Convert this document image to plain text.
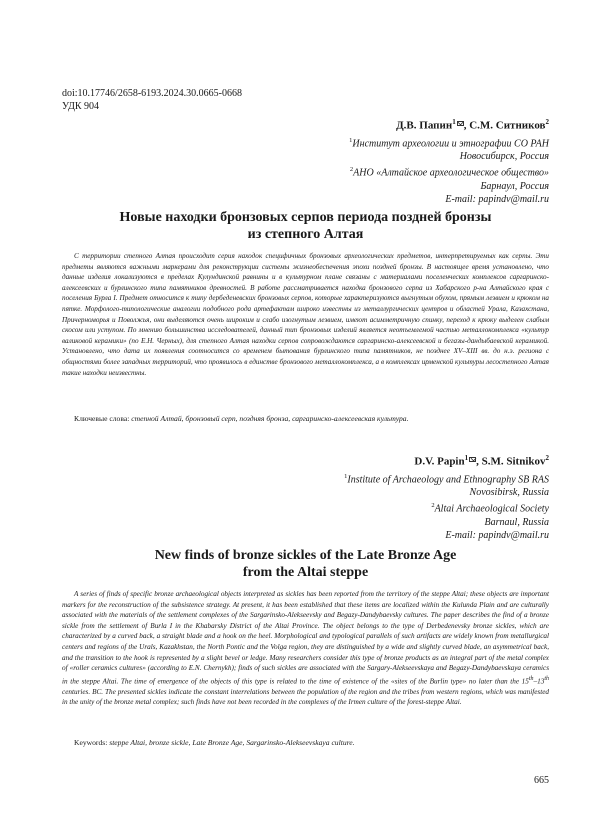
doi:10.17746/2658-6193.2024.30.0665-0668
УДК 904
Д.В. Папин$^1$ , С.М. Ситников$^2$
$^1$Институт археологии и этнографии СО РАН
Новосибирск, Россия
$^2$АНО «Алтайское археологическое общество»
Барнаул, Россия
E-mail: papindv@mail.ru
Новые находки бронзовых серпов периода поздней бронзы
из степного Алтая
С территории степного Алтая происходит серия находок специфичных бронзовых археологических предметов, интерпретируемых как серпы. Эти предметы являются важными маркерами для реконструкции системы жизнеобеспечения эпохи поздней бронзы. В настоящее время установлено, что данные изделия локализуются в пределах Кулундинской равнины и в культурном плане связаны с материалами поселенческих комплексов саргаринско-алексеевских и бурлинского типа памятников древностей. В работе рассматривается находка бронзового серпа из Хабарского р-на Алтайского края с поселения Бурла I. Предмет относится к типу дербеденевских бронзовых серпов, которые характеризуются выгнутым обухом, прямым лезвием и крюком на пятке. Морфолого-типологические аналогии подобного рода артефактам широко известны из металлургических центров и областей Урала, Казахстана, Причерноморья и Поволжья, они выделяются очень широким и слабо изогнутым лезвием, имеют асимметричную спинку, переход к крюку выделен слабым скосом или уступом. По мнению большинства исследователей, данный тип бронзовых изделий является неотъемлемой частью металлокомплекса «культур валиковой керамики» (по Е.Н. Черных), для степного Алтая находки серпов сопровождаются саргаринско-алексеевской и бегазы-дандыбаевской керамикой. Установлено, что дата их появления соотносится со временем бытования бурлинского типа памятников, не позднее XV–XIII вв. до н.э. региона с общностями более западных территорий, что проявилось в единстве бронзового металлокомплекса, а в комплексах ирменской культуры лесостепного Алтая такие находки неизвестны.
Ключевые слова: степной Алтай, бронзовый серп, поздняя бронза, саргаринско-алексеевская культура.
D.V. Papin$^1$ , S.M. Sitnikov$^2$
$^1$Institute of Archaeology and Ethnography SB RAS
Novosibirsk, Russia
$^2$Altai Archaeological Society
Barnaul, Russia
E-mail: papindv@mail.ru
New finds of bronze sickles of the Late Bronze Age
from the Altai steppe
A series of finds of specific bronze archaeological objects interpreted as sickles has been reported from the territory of the steppe Altai; these objects are important markers for the reconstruction of the subsistence strategy. At present, it has been established that these items are localized within the Kulunda Plain and are culturally associated with the materials of the settlement complexes of the Sargarinsko-Alekseevsky and Begazy-Dandybaevsky cultures. The paper describes the find of a bronze sickle from the settlement of Burla I in the Khabarsky District of the Altai Province. The object belongs to the type of Derbedenevsky bronze sickles, which are characterized by a curved back, a straight blade and a hook on the heel. Morphological and typological parallels of such artifacts are widely known from metallurgical centers and regions of the Urals, Kazakhstan, the North Pontic and the Volga region, they are distinguished by a wide and slightly curved blade, an asymmetrical back, and the transition to the hook is represented by a slight bevel or ledge. Many researchers consider this type of bronze products as an integral part of the metal complex of «roller ceramics cultures» (according to E.N. Chernykh); finds of such sickles are associated with the Sargary-Alekseevskaya and Begazy-Dandybaevskaya ceramics in the steppe Altai. The time of emergence of the objects of this type is related to the time of existence of the «sites of the Burlin type» no later than the 15th–13th centuries. BC. The presented sickles indicate the constant interrelations between the population of the region and the tribes from western regions, which was manifested in the unity of the bronze metal complex; such finds have not been recorded in the complexes of the Irmen culture of the forest-steppe Altai.
Keywords: steppe Altai, bronze sickle, Late Bronze Age, Sargarinsko-Alekseevskaya culture.
665
